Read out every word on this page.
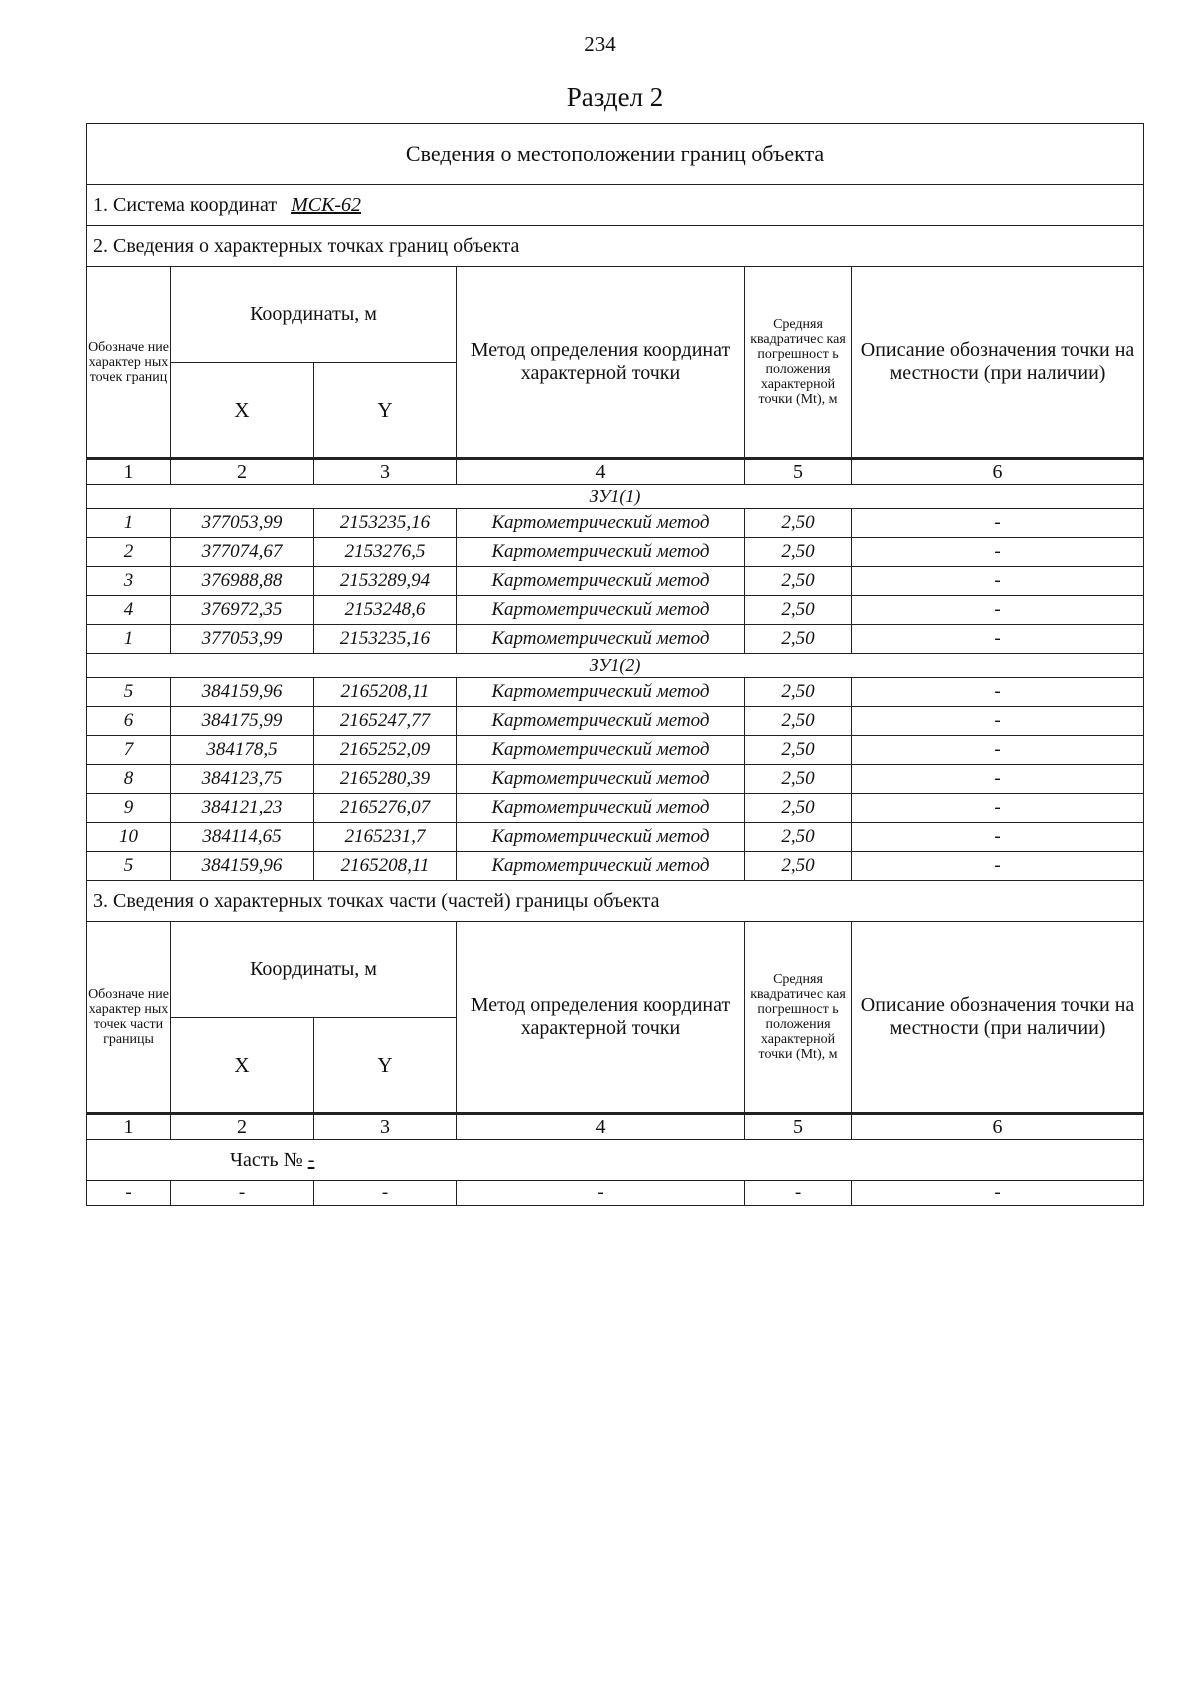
234
Раздел 2
Сведения о местоположении границ объекта					
1. Система координат МСК-62					
2. Сведения о характерных точках границ объекта					
Обозначе ние характер ных точек границ	Координаты, м		Метод определения координат характерной точки	Средняя квадратичес кая погрешност ь положения характерной точки (Mt), м	Описание обозначения точки на местности (при наличии)
	X	Y			
1	2	3	4	5	6
ЗУ1(1)					
1	377053,99	2153235,16	Картометрический метод	2,50	-
2	377074,67	2153276,5	Картометрический метод	2,50	-
3	376988,88	2153289,94	Картометрический метод	2,50	-
4	376972,35	2153248,6	Картометрический метод	2,50	-
1	377053,99	2153235,16	Картометрический метод	2,50	-
ЗУ1(2)					
5	384159,96	2165208,11	Картометрический метод	2,50	-
6	384175,99	2165247,77	Картометрический метод	2,50	-
7	384178,5	2165252,09	Картометрический метод	2,50	-
8	384123,75	2165280,39	Картометрический метод	2,50	-
9	384121,23	2165276,07	Картометрический метод	2,50	-
10	384114,65	2165231,7	Картометрический метод	2,50	-
5	384159,96	2165208,11	Картометрический метод	2,50	-
3. Сведения о характерных точках части (частей) границы объекта					
Обозначе ние характер ных точек части границы	Координаты, м		Метод определения координат характерной точки	Средняя квадратичес кая погрешност ь положения характерной точки (Mt), м	Описание обозначения точки на местности (при наличии)
	X	Y			
1	2	3	4	5	6
Часть № -					
-	-	-	-	-	-
